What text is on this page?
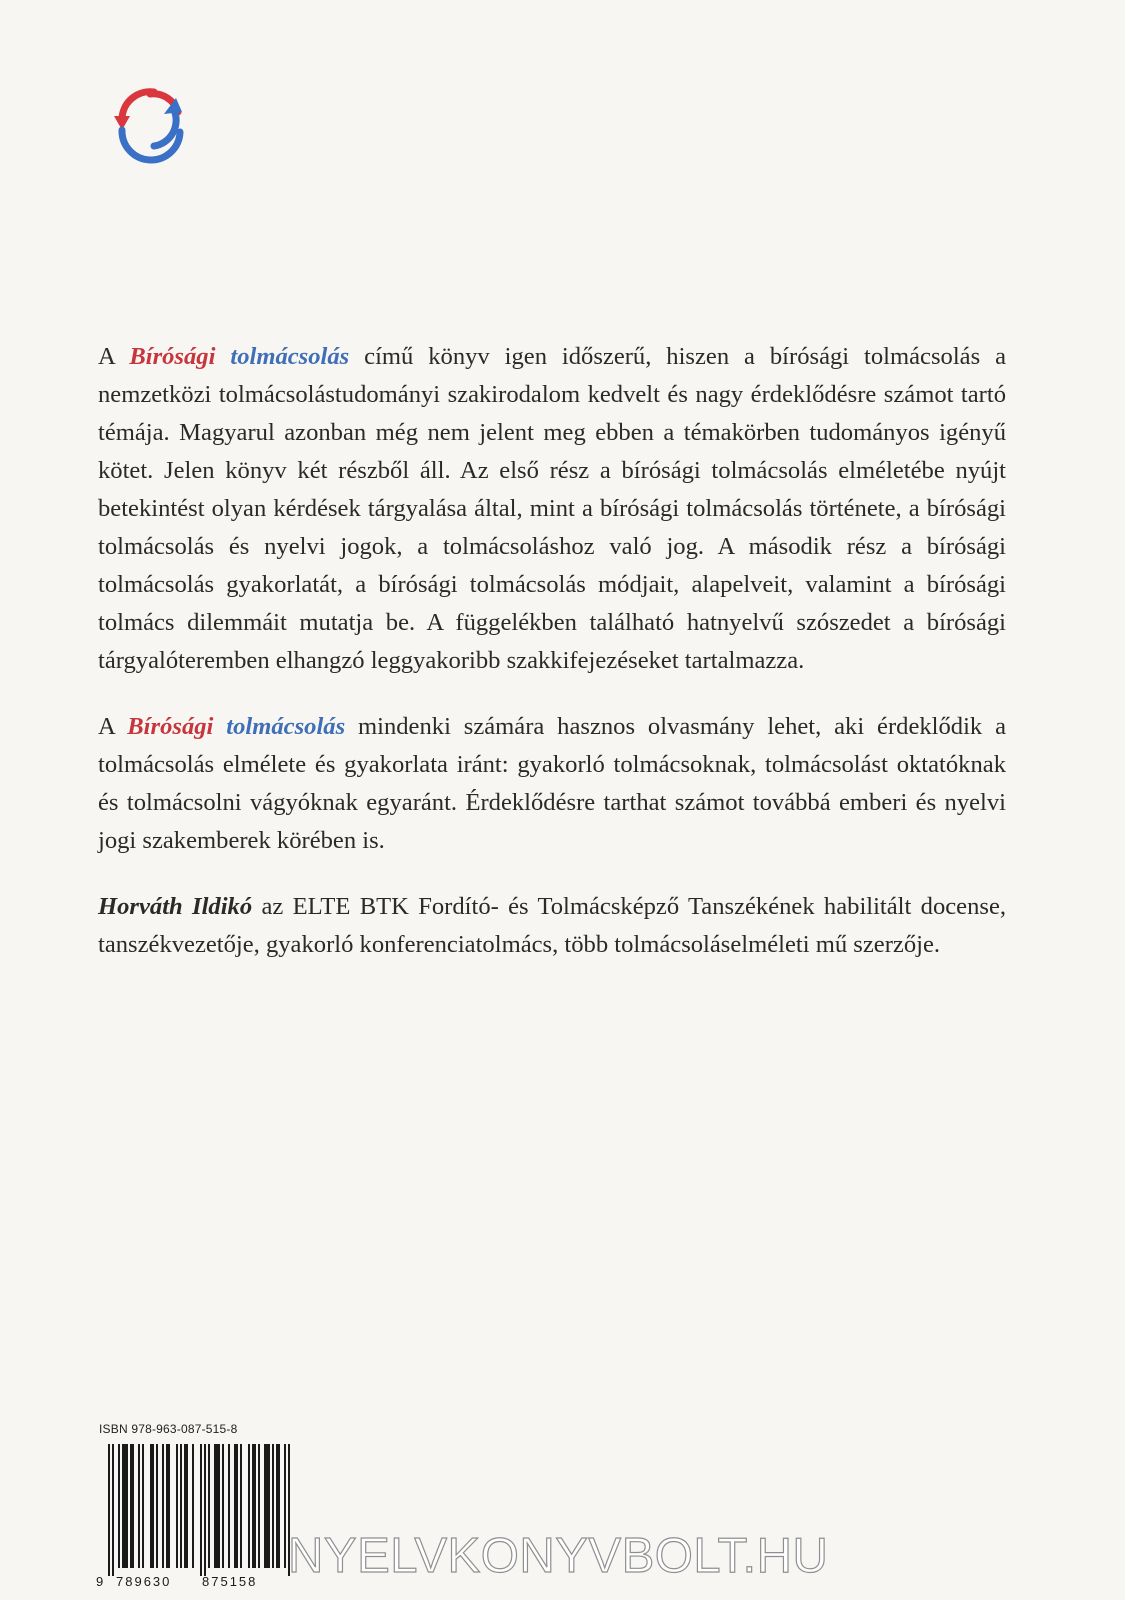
A Bírósági tolmácsolás című könyv igen időszerű, hiszen a bírósági tolmácsolás a nemzetközi tolmácsolástudományi szakirodalom kedvelt és nagy érdeklődésre számot tartó témája. Magyarul azonban még nem jelent meg ebben a témakörben tudományos igényű kötet. Jelen könyv két részből áll. Az első rész a bírósági tolmácsolás elméletébe nyújt betekintést olyan kérdések tárgyalása által, mint a bírósági tolmácsolás története, a bírósági tolmácsolás és nyelvi jogok, a tolmácsoláshoz való jog. A második rész a bírósági tolmácsolás gyakorlatát, a bírósági tolmácsolás módjait, alapelveit, valamint a bírósági tolmács dilemmáit mutatja be. A függelékben található hatnyelvű szószedet a bírósági tárgyalóteremben elhangzó leggyakoribb szakkifejezéseket tartalmazza.

A Bírósági tolmácsolás mindenki számára hasznos olvasmány lehet, aki érdeklődik a tolmácsolás elmélete és gyakorlata iránt: gyakorló tolmácsoknak, tolmácsolást oktatóknak és tolmácsolni vágyóknak egyaránt. Érdeklődésre tarthat számot továbbá emberi és nyelvi jogi szakemberek körében is.

Horváth Ildikó az ELTE BTK Fordító- és Tolmácsképző Tanszékének habilitált docense, tanszékvezetője, gyakorló konferenciatolmács, több tolmácsoláselméleti mű szerzője.

ISBN 978-963-087-515-8
9 789630 875158 NYELVKONYVBOLT.HU
